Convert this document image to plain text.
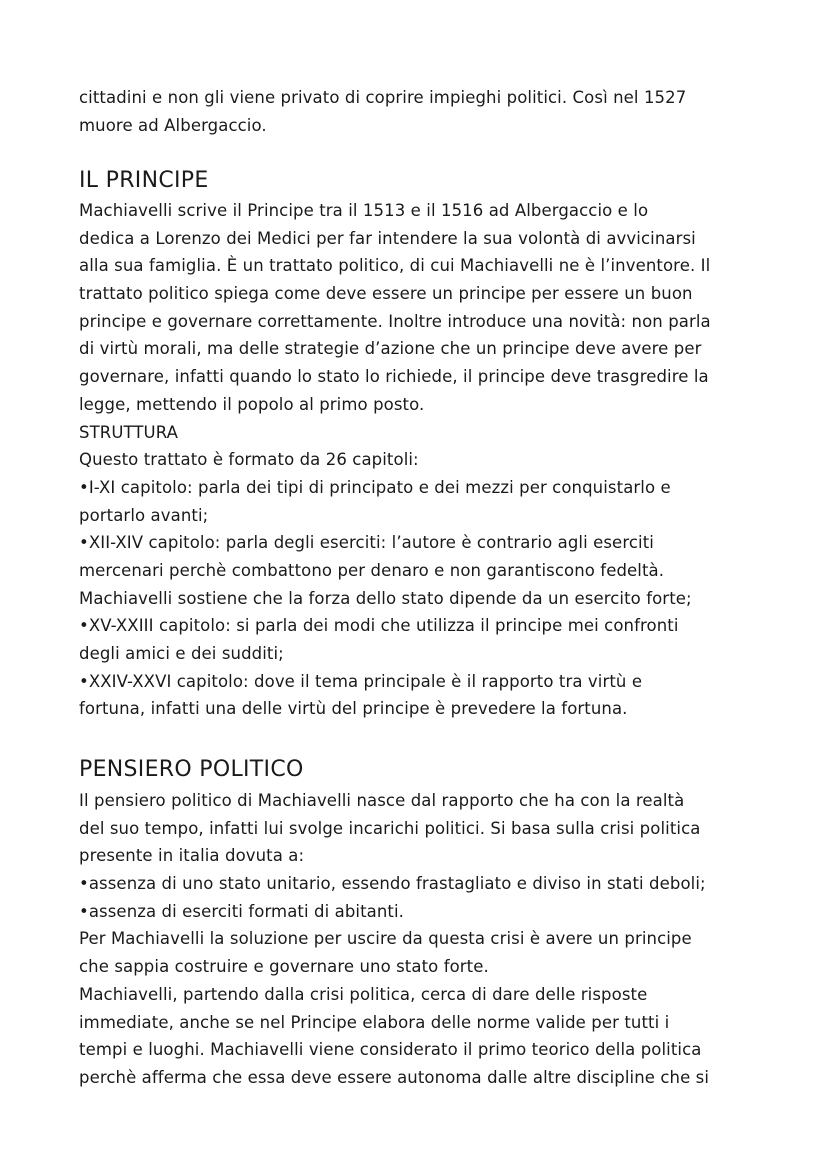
cittadini e non gli viene privato di coprire impieghi politici. Così nel 1527
muore ad Albergaccio.
IL PRINCIPE
Machiavelli scrive il Principe tra il 1513 e il 1516 ad Albergaccio e lo
dedica a Lorenzo dei Medici per far intendere la sua volontà di avvicinarsi
alla sua famiglia. È un trattato politico, di cui Machiavelli ne è l’inventore. Il
trattato politico spiega come deve essere un principe per essere un buon
principe e governare correttamente. Inoltre introduce una novità: non parla
di virtù morali, ma delle strategie d’azione che un principe deve avere per
governare, infatti quando lo stato lo richiede, il principe deve trasgredire la
legge, mettendo il popolo al primo posto.
STRUTTURA
Questo trattato è formato da 26 capitoli:
•I-XI capitolo: parla dei tipi di principato e dei mezzi per conquistarlo e
portarlo avanti;
•XII-XIV capitolo: parla degli eserciti: l’autore è contrario agli eserciti
mercenari perchè combattono per denaro e non garantiscono fedeltà.
Machiavelli sostiene che la forza dello stato dipende da un esercito forte;
•XV-XXIII capitolo: si parla dei modi che utilizza il principe mei confronti
degli amici e dei sudditi;
•XXIV-XXVI capitolo: dove il tema principale è il rapporto tra virtù e
fortuna, infatti una delle virtù del principe è prevedere la fortuna.
PENSIERO POLITICO
Il pensiero politico di Machiavelli nasce dal rapporto che ha con la realtà
del suo tempo, infatti lui svolge incarichi politici. Si basa sulla crisi politica
presente in italia dovuta a:
•assenza di uno stato unitario, essendo frastagliato e diviso in stati deboli;
•assenza di eserciti formati di abitanti.
Per Machiavelli la soluzione per uscire da questa crisi è avere un principe
che sappia costruire e governare uno stato forte.
Machiavelli, partendo dalla crisi politica, cerca di dare delle risposte
immediate, anche se nel Principe elabora delle norme valide per tutti i
tempi e luoghi. Machiavelli viene considerato il primo teorico della politica
perchè afferma che essa deve essere autonoma dalle altre discipline che si
